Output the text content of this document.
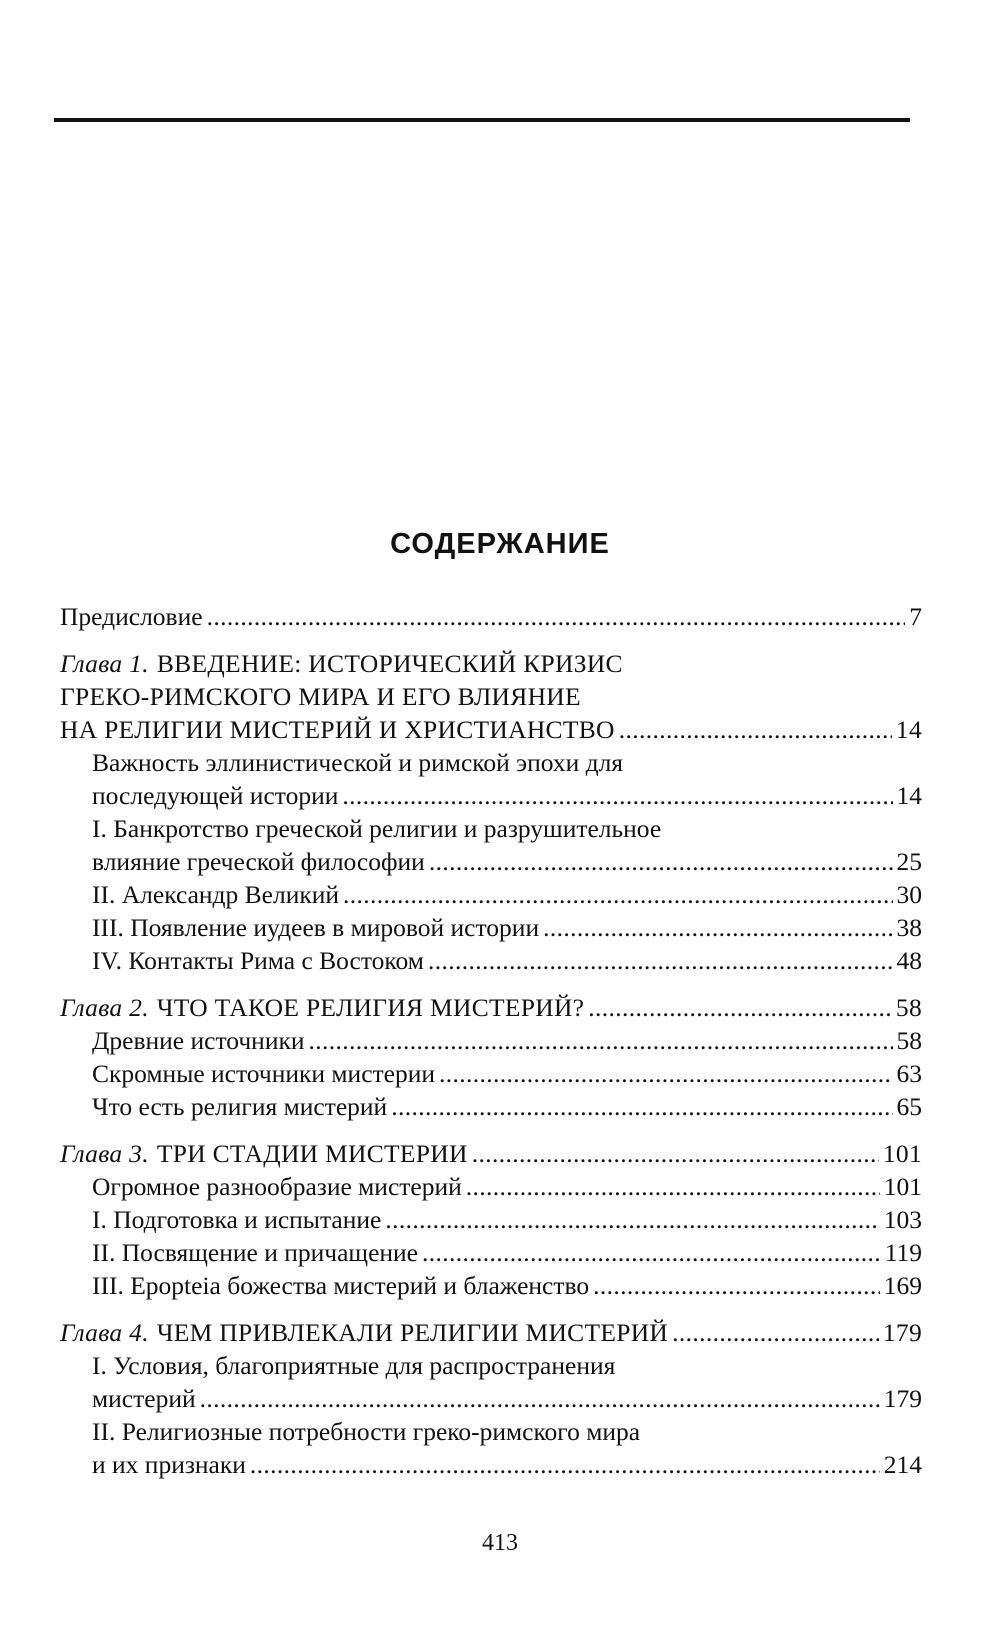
СОДЕРЖАНИЕ
Предисловие . . .	7
Глава 1. ВВЕДЕНИЕ: ИСТОРИЧЕСКИЙ КРИЗИС
ГРЕКО-РИМСКОГО МИРА И ЕГО ВЛИЯНИЕ
НА РЕЛИГИИ МИСТЕРИЙ И ХРИСТИАНСТВО . . .	14
Важность эллинистической и римской эпохи для
последующей истории . . .	14
I. Банкротство греческой религии и разрушительное
влияние греческой философии . . .	25
II. Александр Великий . . .	30
III. Появление иудеев в мировой истории . . .	38
IV. Контакты Рима с Востоком . . .	48
Глава 2. ЧТО ТАКОЕ РЕЛИГИЯ МИСТЕРИЙ? . . .	58
Древние источники . . .	58
Скромные источники мистерии . . .	63
Что есть религия мистерий . . .	65
Глава 3. ТРИ СТАДИИ МИСТЕРИИ . . .	101
Огромное разнообразие мистерий . . .	101
I. Подготовка и испытание . . .	103
II. Посвящение и причащение . . .	119
III. Epopteia божества мистерий и блаженство . . .	169
Глава 4. ЧЕМ ПРИВЛЕКАЛИ РЕЛИГИИ МИСТЕРИЙ . . .	179
I. Условия, благоприятные для распространения
мистерий . . .	179
II. Религиозные потребности греко-римского мира
и их признаки . . .	214
413
